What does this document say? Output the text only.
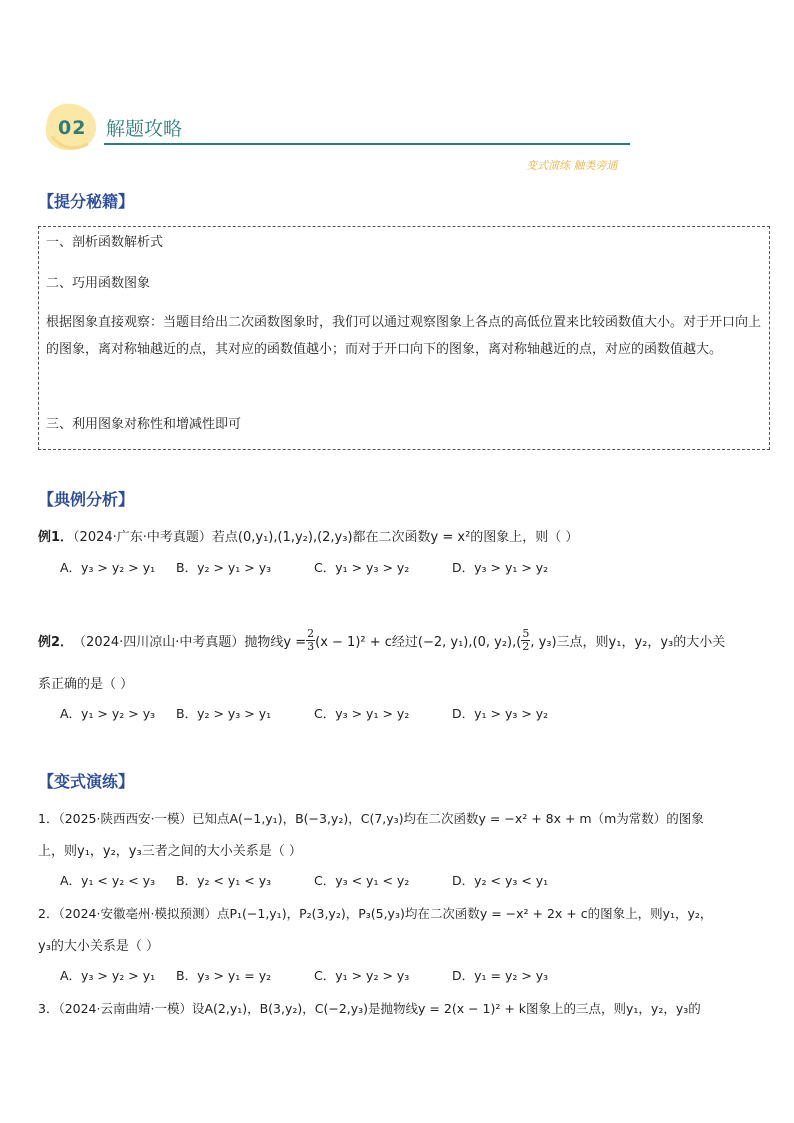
02 解题攻略
变式演练 触类旁通
【提分秘籍】
一、剖析函数解析式
二、巧用函数图象
根据图象直接观察：当题目给出二次函数图象时，我们可以通过观察图象上各点的高低位置来比较函数值大小。对于开口向上的图象，离对称轴越近的点，其对应的函数值越小；而对于开口向下的图象，离对称轴越近的点，对应的函数值越大。
三、利用图象对称性和增减性即可
【典例分析】
例1．（2024·广东·中考真题）若点(0,y₁),(1,y₂),(2,y₃)都在二次函数y = x²的图象上，则（ ）
A．y₃ > y₂ > y₁ B．y₂ > y₁ > y₃	C．y₁ > y₃ > y₂	D．y₃ > y₁ > y₂
例2． （2024·四川凉山·中考真题） 抛物线$y = \frac{2}{3} (x - 1)^2 + c$经过(−2, y₁),(0, $y_2),( \frac{5}{2}$ , y₃)三点，则y₁，y₂，y₃的大小关
系正确的是（ ）
A．y₁ > y₂ > y₃ B．y₂ > y₃ > y₁	C．y₃ > y₁ > y₂	D．y₁ > y₃ > y₂
【变式演练】
1．（2025·陕西西安·一模）已知点A(−1,y₁)，B(−3,y₂)，C(7,y₃)均在二次函数y = −x² + 8x + m（m为常数）的图象
上，则y₁，y₂，y₃三者之间的大小关系是（ ）
A．y₁ < y₂ < y₃ B．y₂ < y₁ < y₃	C．y₃ < y₁ < y₂	D．y₂ < y₃ < y₁
2．（2024·安徽亳州·模拟预测）点P₁(−1,y₁)，P₂(3,y₂)，P₃(5,y₃)均在二次函数y = −x² + 2x + c的图象上，则y₁，y₂，
y₃的大小关系是（ ）
A．y₃ > y₂ > y₁ B．y₃ > y₁ = y₂	C．y₁ > y₂ > y₃	D．y₁ = y₂ > y₃
3．（2024·云南曲靖·一模）设A(2,y₁)，B(3,y₂)，C(−2,y₃)是抛物线y = 2(x − 1)² + k图象上的三点，则y₁，y₂，y₃的
